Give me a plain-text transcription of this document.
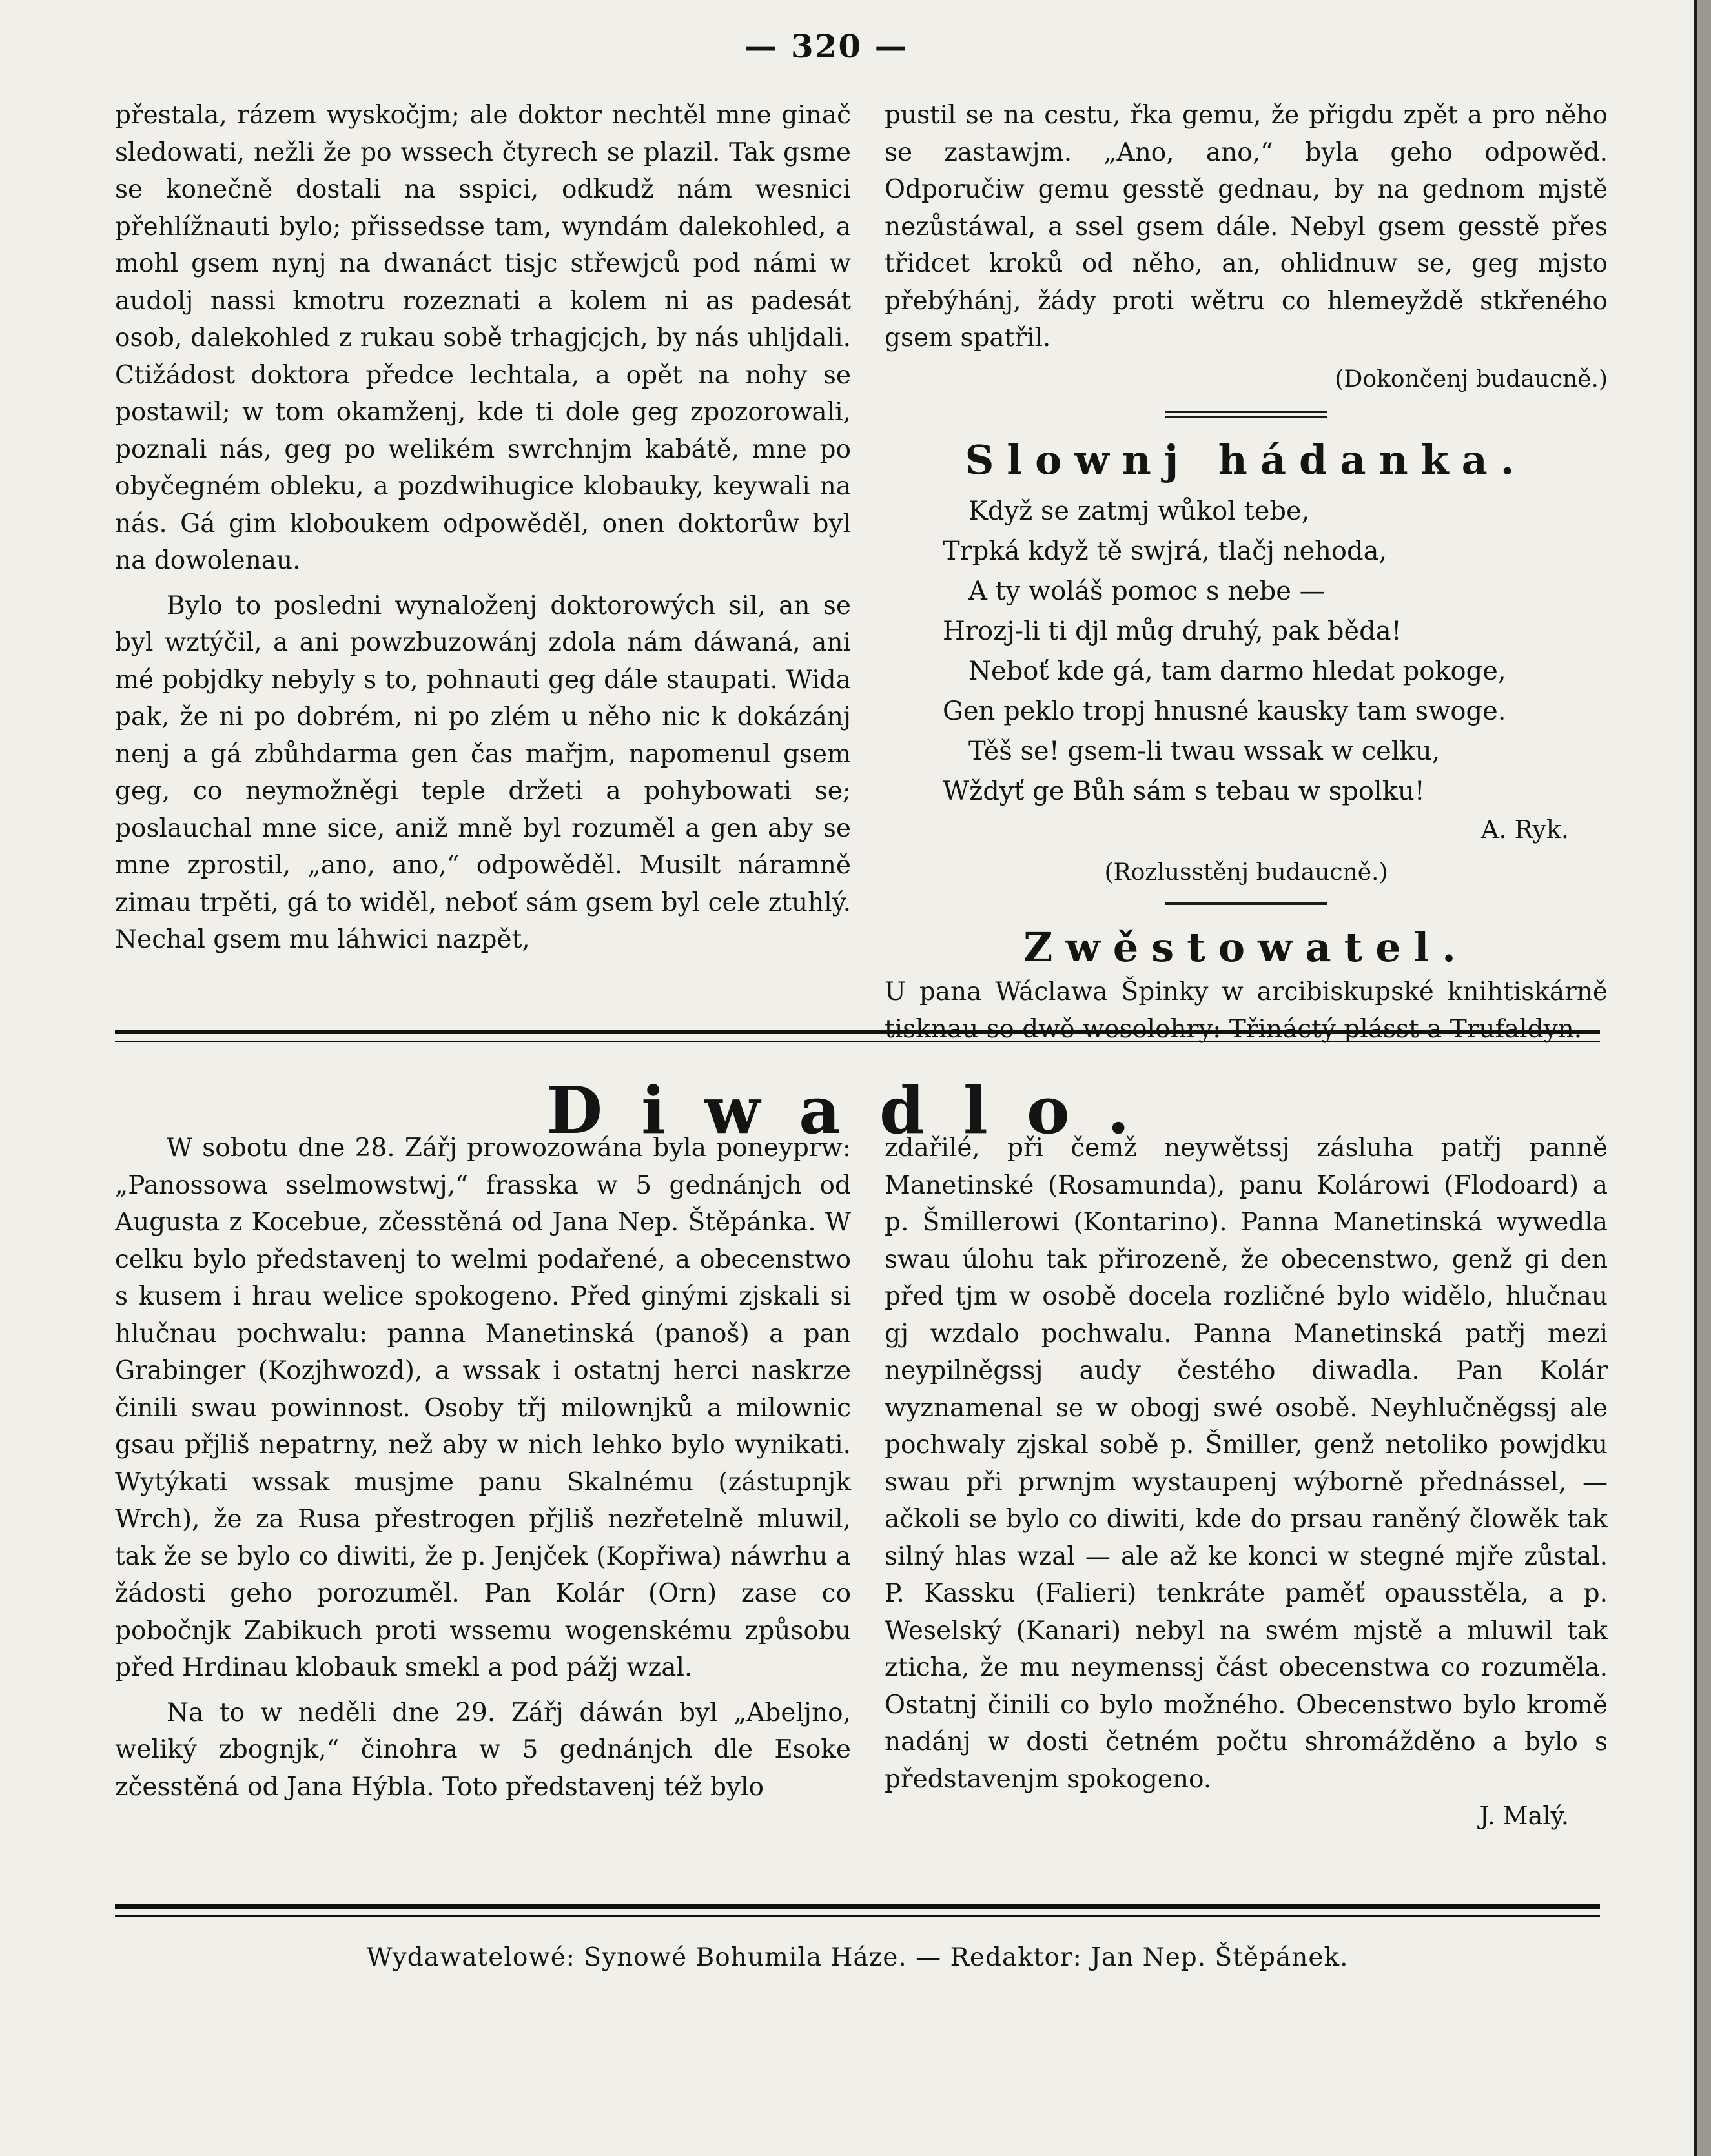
— 320 —

přestala, rázem wyskočjm; ale doktor nechtěl mne ginač sledowati, nežli že po wssech čtyrech se plazil. Tak gsme se konečně dostali na sspici, odkudž nám wesnici přehlížnauti bylo; přissedsse tam, wyndám dalekohled, a mohl gsem nynj na dwanáct tisjc střewjců pod námi w audolj nassi kmotru rozeznati a kolem ni as padesát osob, dalekohled z rukau sobě trhagjcjch, by nás uhljdali. Ctižádost doktora předce lechtala, a opět na nohy se postawil; w tom okamženj, kde ti dole geg zpozorowali, poznali nás, geg po welikém swrchnjm kabátě, mne po obyčegném obleku, a pozdwihugice klobauky, keywali na nás. Gá gim kloboukem odpowěděl, onen doktorůw byl na dowolenau.

Bylo to posledni wynaloženj doktorowých sil, an se byl wztýčil, a ani powzbuzowánj zdola nám dáwaná, ani mé pobjdky nebyly s to, pohnauti geg dále staupati. Wida pak, že ni po dobrém, ni po zlém u něho nic k dokázánj nenj a gá zbůhdarma gen čas mařjm, napomenul gsem geg, co neymožněgi teple držeti a pohybowati se; poslauchal mne sice, aniž mně byl rozuměl a gen aby se mne zprostil, „ano, ano,“ odpowěděl. Musilt náramně zimau trpěti, gá to widěl, neboť sám gsem byl cele ztuhlý. Nechal gsem mu láhwici nazpět,

pustil se na cestu, řka gemu, že přigdu zpět a pro něho se zastawjm. „Ano, ano,“ byla geho odpowěd. Odporučiw gemu gesstě gednau, by na gednom mjstě nezůstáwal, a ssel gsem dále. Nebyl gsem gesstě přes třidcet kroků od něho, an, ohlidnuw se, geg mjsto přebýhánj, žády proti wětru co hlemeyždě stkřeného gsem spatřil.

(Dokončenj budaucně.)
Slownj hádanka.
Když se zatmj wůkol tebe,
Trpká když tě swjrá, tlačj nehoda,
A ty woláš pomoc s nebe —
Hrozj-li ti djl můg druhý, pak běda!
Neboť kde gá, tam darmo hledat pokoge,
Gen peklo tropj hnusné kausky tam swoge.
Těš se! gsem-li twau wssak w celku,
Wždyť ge Bůh sám s tebau w spolku!
A. Ryk.
(Rozlusstěnj budaucně.)
Zwěstowatel.

U pana Wáclawa Špinky w arcibiskupské knihtiskárně tisknau se dwě weselohry: Třináctý plásst a Trufaldyn.

Diwadlo.

W sobotu dne 28. Zářj prowozowána byla poneyprw: „Panossowa sselmowstwj,“ frasska w 5 gednánjch od Augusta z Kocebue, zčesstěná od Jana Nep. Štěpánka. W celku bylo představenj to welmi podařené, a obecenstwo s kusem i hrau welice spokogeno. Před ginými zjskali si hlučnau pochwalu: panna Manetinská (panoš) a pan Grabinger (Kozjhwozd), a wssak i ostatnj herci naskrze činili swau powinnost. Osoby třj milownjků a milownic gsau přjliš nepatrny, než aby w nich lehko bylo wynikati. Wytýkati wssak musjme panu Skalnému (zástupnjk Wrch), že za Rusa přestrogen přjliš nezřetelně mluwil, tak že se bylo co diwiti, že p. Jenjček (Kopřiwa) náwrhu a žádosti geho porozuměl. Pan Kolár (Orn) zase co pobočnjk Zabikuch proti wssemu wogenskému způsobu před Hrdinau klobauk smekl a pod pážj wzal.

Na to w neděli dne 29. Zářj dáwán byl „Abeljno, weliký zbognjk,“ činohra w 5 gednánjch dle Esoke zčesstěná od Jana Hýbla. Toto představenj též bylo

zdařilé, při čemž neywětssj zásluha patřj panně Manetinské (Rosamunda), panu Kolárowi (Flodoard) a p. Šmillerowi (Kontarino). Panna Manetinská wywedla swau úlohu tak přirozeně, že obecenstwo, genž gi den před tjm w osobě docela rozličné bylo widělo, hlučnau gj wzdalo pochwalu. Panna Manetinská patřj mezi neypilněgssj audy čestého diwadla. Pan Kolár wyznamenal se w obogj swé osobě. Neyhlučněgssj ale pochwaly zjskal sobě p. Šmiller, genž netoliko powjdku swau při prwnjm wystaupenj wýborně přednássel, — ačkoli se bylo co diwiti, kde do prsau raněný člowěk tak silný hlas wzal — ale až ke konci w stegné mjře zůstal. P. Kassku (Falieri) tenkráte paměť opausstěla, a p. Weselský (Kanari) nebyl na swém mjstě a mluwil tak zticha, že mu neymenssj část obecenstwa co rozuměla. Ostatnj činili co bylo možného. Obecenstwo bylo kromě nadánj w dosti četném počtu shromážděno a bylo s představenjm spokogeno.

J. Malý.
Wydawatelowé: Synowé Bohumila Háze. — Redaktor: Jan Nep. Štěpánek.
